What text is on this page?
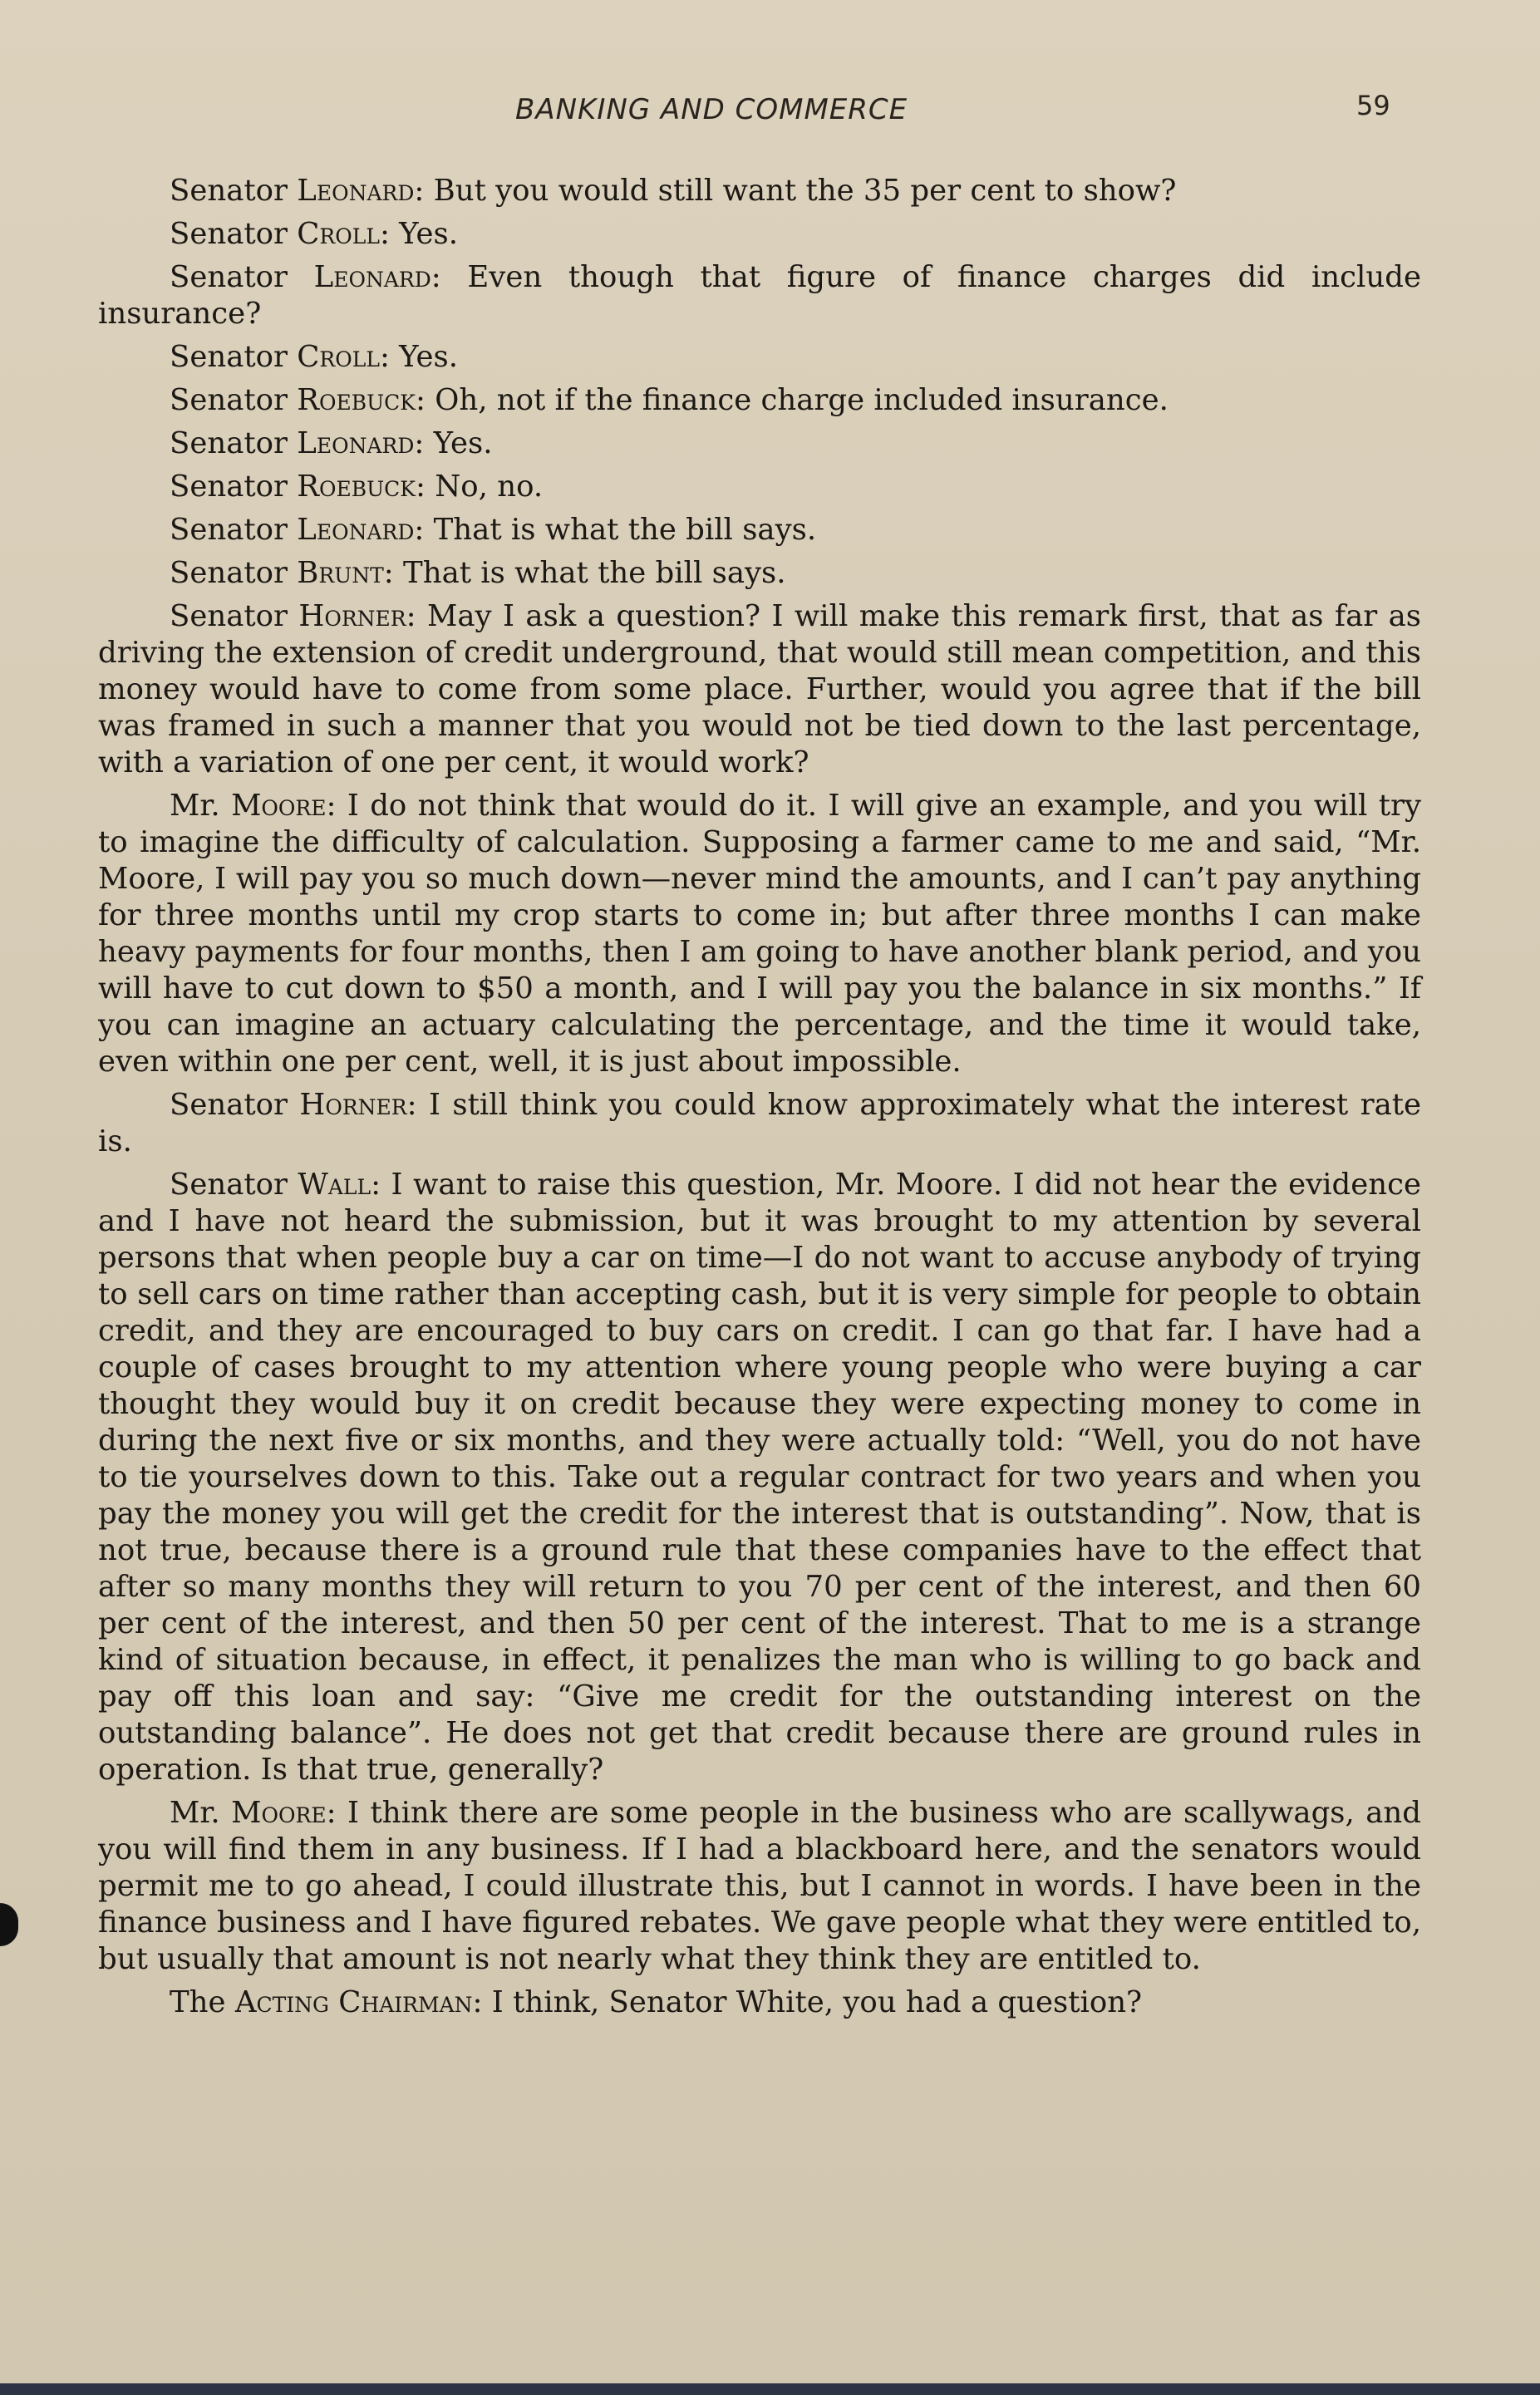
BANKING AND COMMERCE	59

Senator Leonard: But you would still want the 35 per cent to show?

Senator Croll: Yes.

Senator Leonard: Even though that figure of finance charges did include insurance?

Senator Croll: Yes.

Senator Roebuck: Oh, not if the finance charge included insurance.

Senator Leonard: Yes.

Senator Roebuck: No, no.

Senator Leonard: That is what the bill says.

Senator Brunt: That is what the bill says.

Senator Horner: May I ask a question? I will make this remark first, that as far as driving the extension of credit underground, that would still mean competition, and this money would have to come from some place. Further, would you agree that if the bill was framed in such a manner that you would not be tied down to the last percentage, with a variation of one per cent, it would work?

Mr. Moore: I do not think that would do it. I will give an example, and you will try to imagine the difficulty of calculation. Supposing a farmer came to me and said, “Mr. Moore, I will pay you so much down—never mind the amounts, and I can’t pay anything for three months until my crop starts to come in; but after three months I can make heavy payments for four months, then I am going to have another blank period, and you will have to cut down to $50 a month, and I will pay you the balance in six months.” If you can imagine an actuary calculating the percentage, and the time it would take, even within one per cent, well, it is just about impossible.

Senator Horner: I still think you could know approximately what the interest rate is.

Senator Wall: I want to raise this question, Mr. Moore. I did not hear the evidence and I have not heard the submission, but it was brought to my attention by several persons that when people buy a car on time—I do not want to accuse anybody of trying to sell cars on time rather than accepting cash, but it is very simple for people to obtain credit, and they are encouraged to buy cars on credit. I can go that far. I have had a couple of cases brought to my attention where young people who were buying a car thought they would buy it on credit because they were expecting money to come in during the next five or six months, and they were actually told: “Well, you do not have to tie yourselves down to this. Take out a regular contract for two years and when you pay the money you will get the credit for the interest that is outstanding”. Now, that is not true, because there is a ground rule that these companies have to the effect that after so many months they will return to you 70 per cent of the interest, and then 60 per cent of the interest, and then 50 per cent of the interest. That to me is a strange kind of situation because, in effect, it penalizes the man who is willing to go back and pay off this loan and say: “Give me credit for the outstanding interest on the outstanding balance”. He does not get that credit because there are ground rules in operation. Is that true, generally?

Mr. Moore: I think there are some people in the business who are scallywags, and you will find them in any business. If I had a blackboard here, and the senators would permit me to go ahead, I could illustrate this, but I cannot in words. I have been in the finance business and I have figured rebates. We gave people what they were entitled to, but usually that amount is not nearly what they think they are entitled to.

The Acting Chairman: I think, Senator White, you had a question?
